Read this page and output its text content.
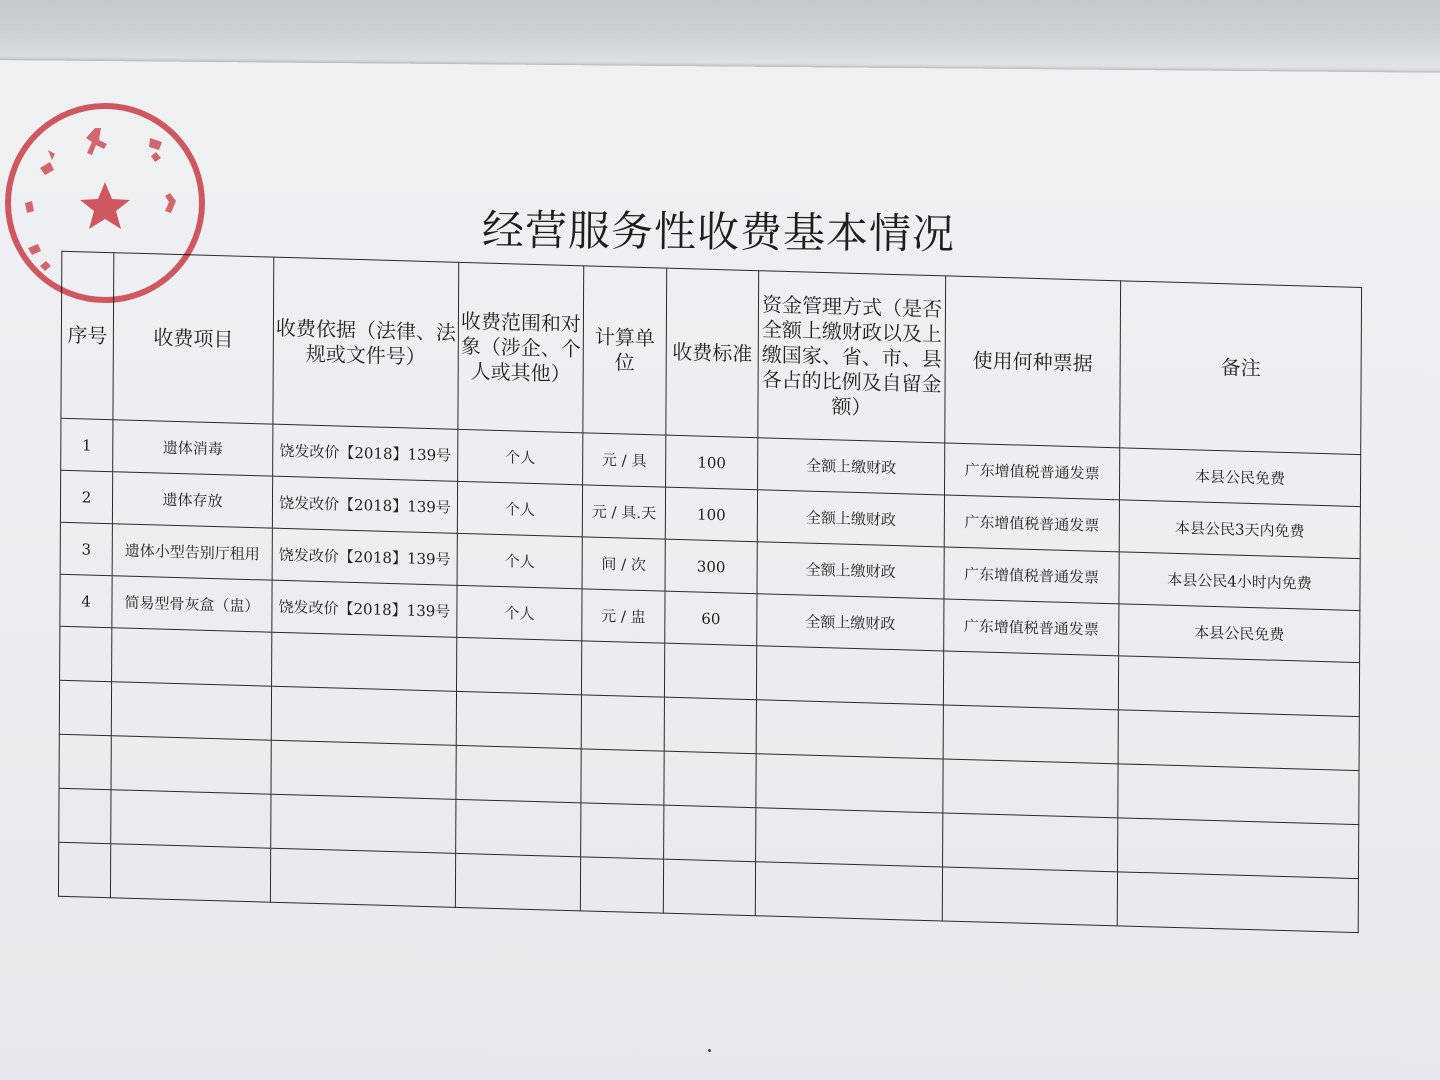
经营服务性收费基本情况
序号	收费项目	收费依据（法律、法规或文件号）	收费范围和对象（涉企、个人或其他）	计算单位	收费标准	资金管理方式（是否全额上缴财政以及上缴国家、省、市、县各占的比例及自留金额）	使用何种票据	备注
1	遗体消毒	饶发改价【2018】139号	个人	元 / 具	100	全额上缴财政	广东增值税普通发票	本县公民免费
2	遗体存放	饶发改价【2018】139号	个人	元 / 具.天	100	全额上缴财政	广东增值税普通发票	本县公民3天内免费
3	遗体小型告别厅租用	饶发改价【2018】139号	个人	间 / 次	300	全额上缴财政	广东增值税普通发票	本县公民4小时内免费
4	简易型骨灰盒（盅）	饶发改价【2018】139号	个人	元 / 盅	60	全额上缴财政	广东增值税普通发票	本县公民免费
